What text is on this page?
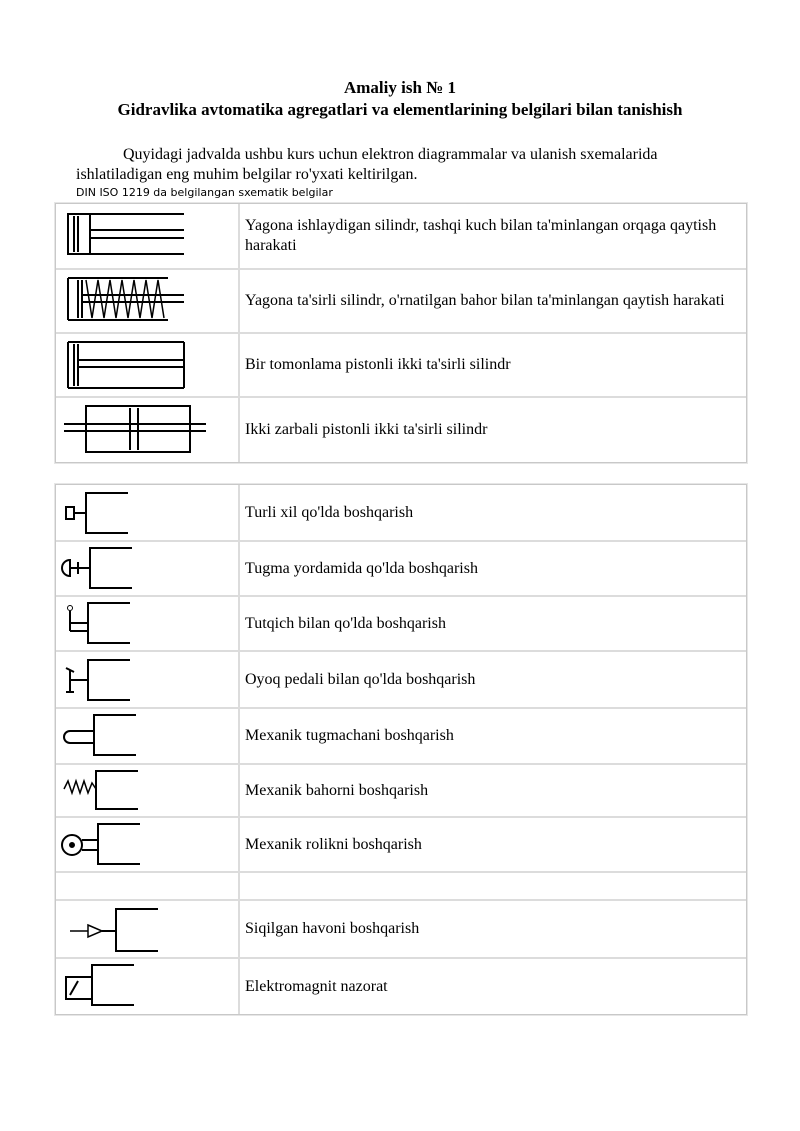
Amaliy ish № 1
Gidravlika avtomatika agregatlari va elementlarining belgilari bilan tanishish
Quyidagi jadvalda ushbu kurs uchun elektron diagrammalar va ulanish sxemalarida ishlatiladigan eng muhim belgilar ro'yxati keltirilgan.
DIN ISO 1219 da belgilangan sxematik belgilar
Yagona ishlaydigan silindr, tashqi kuch bilan ta'minlangan orqaga qaytish harakati
Yagona ta'sirli silindr, o'rnatilgan bahor bilan ta'minlangan qaytish harakati
Bir tomonlama pistonli ikki ta'sirli silindr
Ikki zarbali pistonli ikki ta'sirli silindr
Turli xil qo'lda boshqarish
Tugma yordamida qo'lda boshqarish
Tutqich bilan qo'lda boshqarish
Oyoq pedali bilan qo'lda boshqarish
Mexanik tugmachani boshqarish
Mexanik bahorni boshqarish
Mexanik rolikni boshqarish
Siqilgan havoni boshqarish
Elektromagnit nazorat
